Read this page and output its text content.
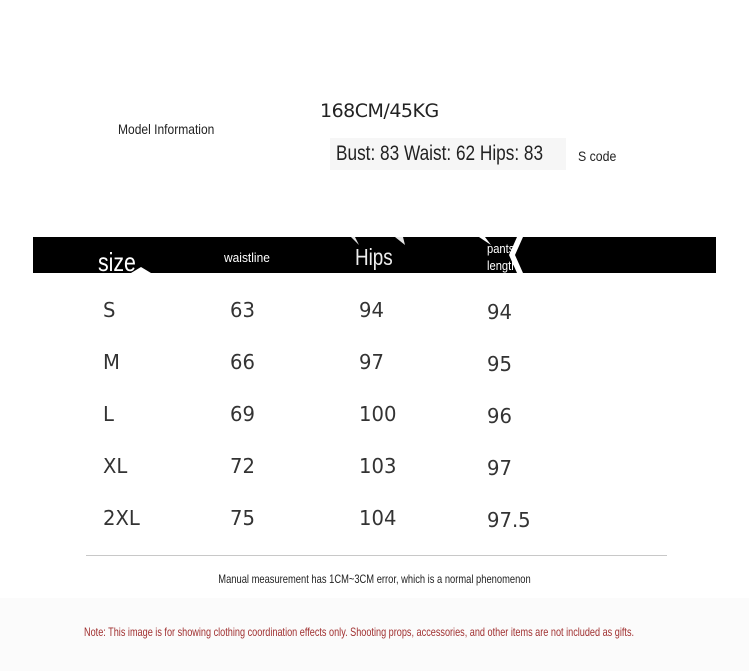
Model Information
168CM/45KG
Bust: 83 Waist: 62 Hips: 83 S code
size	waistline	Hips	pants
length
S	63	94	94
M	66	97	95
L	69	100	96
XL	72	103	97
2XL	75	104	97.5
Manual measurement has 1CM~3CM error, which is a normal phenomenon
Note: This image is for showing clothing coordination effects only. Shooting props, accessories, and other items are not included as gifts.
